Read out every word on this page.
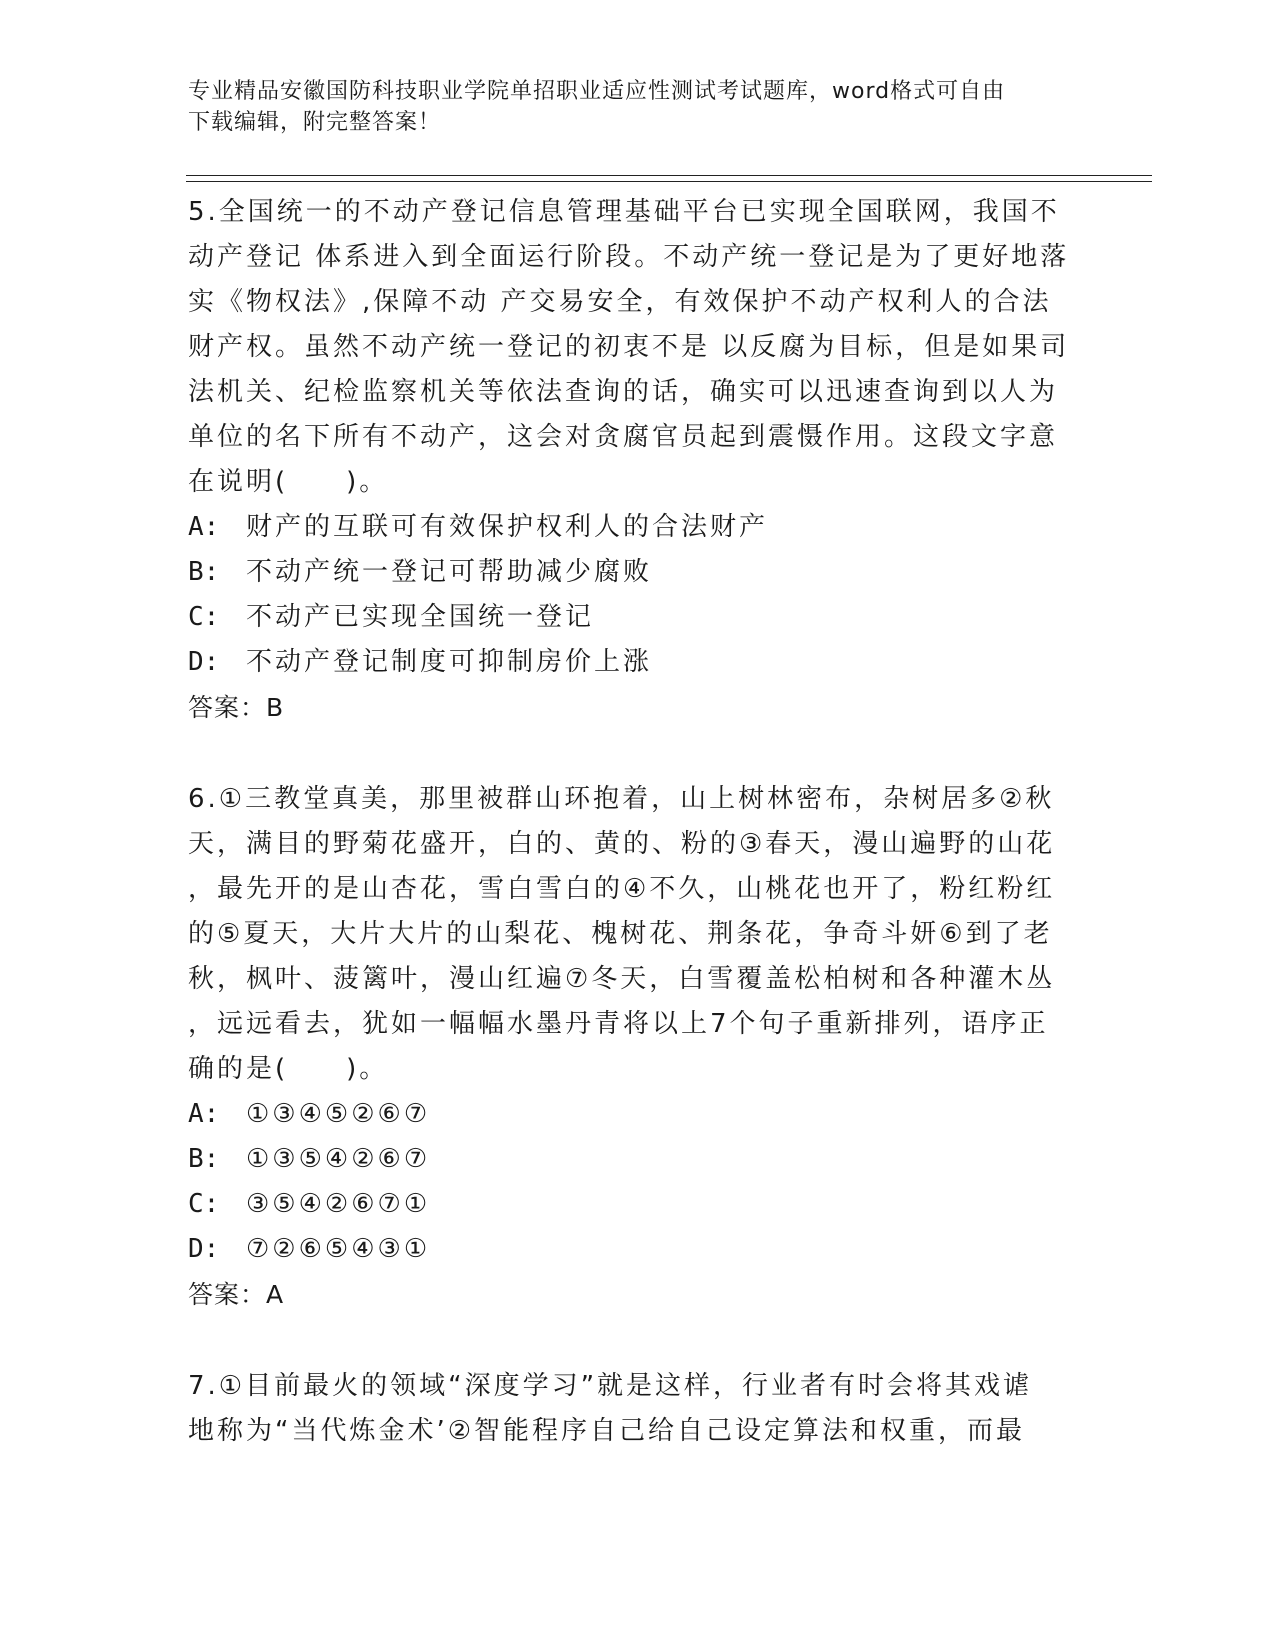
专业精品安徽国防科技职业学院单招职业适应性测试考试题库，word格式可自由
下载编辑，附完整答案！

5.全国统一的不动产登记信息管理基础平台已实现全国联网，我国不

动产登记 体系进入到全面运行阶段。不动产统一登记是为了更好地落

实《物权法》,保障不动 产交易安全，有效保护不动产权利人的合法

财产权。虽然不动产统一登记的初衷不是 以反腐为目标，但是如果司

法机关、纪检监察机关等依法查询的话，确实可以迅速查询到以人为

单位的名下所有不动产，这会对贪腐官员起到震慑作用。这段文字意

在说明(　　)。

A:	财产的互联可有效保护权利人的合法财产
B:	不动产统一登记可帮助减少腐败
C:	不动产已实现全国统一登记
D:	不动产登记制度可抑制房价上涨

答案：B

6.①三教堂真美，那里被群山环抱着，山上树林密布，杂树居多②秋

天，满目的野菊花盛开，白的、黄的、粉的③春天，漫山遍野的山花

，最先开的是山杏花，雪白雪白的④不久，山桃花也开了，粉红粉红

的⑤夏天，大片大片的山梨花、槐树花、荆条花，争奇斗妍⑥到了老

秋，枫叶、菠篱叶，漫山红遍⑦冬天，白雪覆盖松柏树和各种灌木丛

，远远看去，犹如一幅幅水墨丹青将以上7个句子重新排列，语序正

确的是(　　)。

A:	①③④⑤②⑥⑦
B:	①③⑤④②⑥⑦
C:	③⑤④②⑥⑦①
D:	⑦②⑥⑤④③①

答案：A

7.①目前最火的领域“深度学习”就是这样，行业者有时会将其戏谑

地称为“当代炼金术’②智能程序自己给自己设定算法和权重，而最
